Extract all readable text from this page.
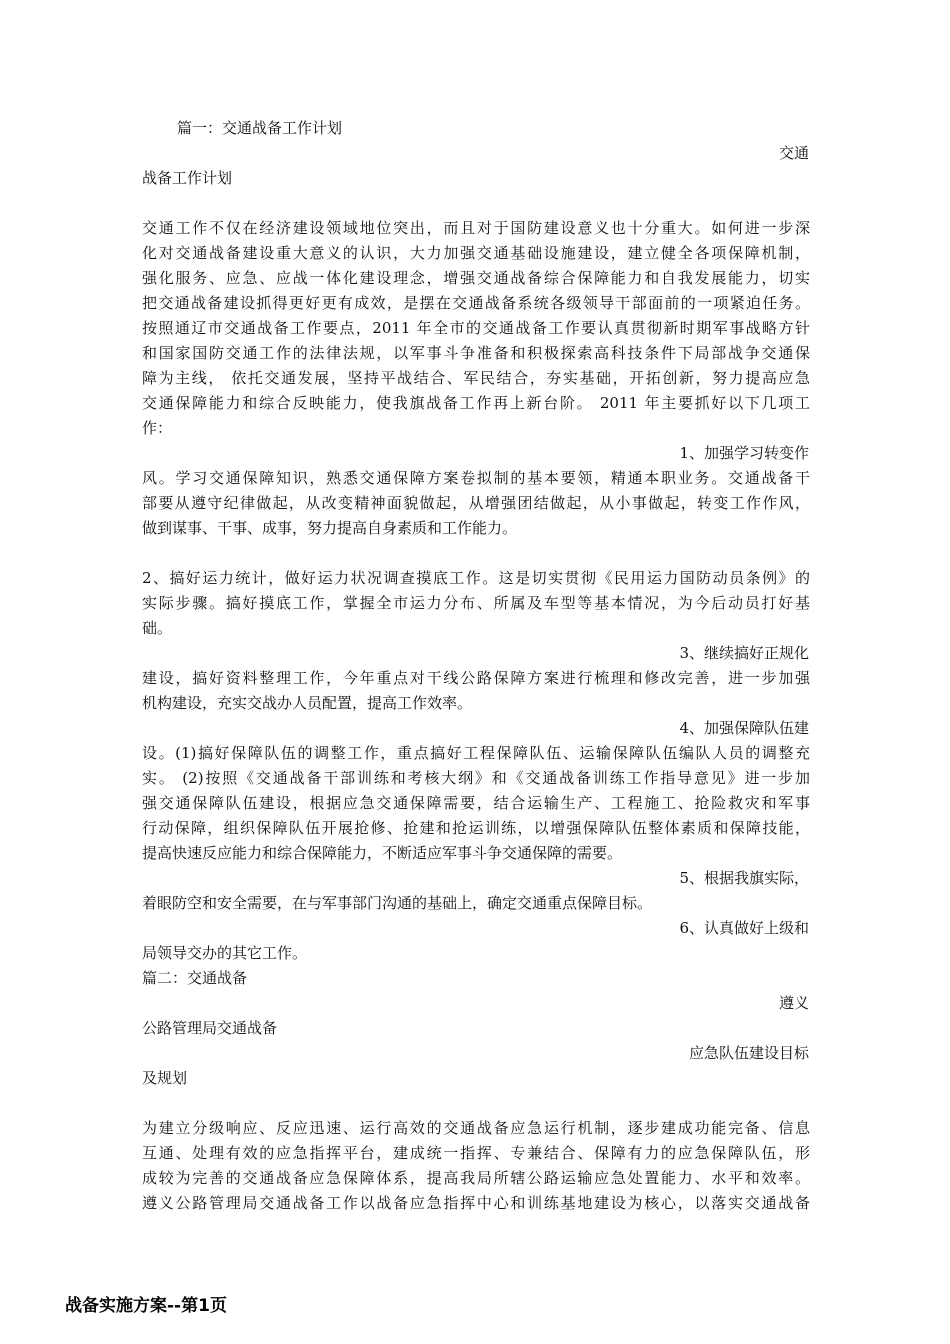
篇一：交通战备工作计划
交通
战备工作计划
交通工作不仅在经济建设领域地位突出，而且对于国防建设意义也十分重大。如何进一步深
化对交通战备建设重大意义的认识，大力加强交通基础设施建设，建立健全各项保障机制，
强化服务、应急、应战一体化建设理念，增强交通战备综合保障能力和自我发展能力，切实
把交通战备建设抓得更好更有成效，是摆在交通战备系统各级领导干部面前的一项紧迫任务。
按照通辽市交通战备工作要点，2011 年全市的交通战备工作要认真贯彻新时期军事战略方针
和国家国防交通工作的法律法规，以军事斗争准备和积极探索高科技条件下局部战争交通保
障为主线， 依托交通发展，坚持平战结合、军民结合，夯实基础，开拓创新，努力提高应急
交通保障能力和综合反映能力，使我旗战备工作再上新台阶。 2011 年主要抓好以下几项工
作：
1、加强学习转变作
风。学习交通保障知识，熟悉交通保障方案卷拟制的基本要领，精通本职业务。交通战备干
部要从遵守纪律做起，从改变精神面貌做起，从增强团结做起，从小事做起，转变工作作风，
做到谋事、干事、成事，努力提高自身素质和工作能力。
2、搞好运力统计，做好运力状况调查摸底工作。这是切实贯彻《民用运力国防动员条例》的
实际步骤。搞好摸底工作，掌握全市运力分布、所属及车型等基本情况，为今后动员打好基
础。
3、继续搞好正规化
建设，搞好资料整理工作，今年重点对干线公路保障方案进行梳理和修改完善，进一步加强
机构建设，充实交战办人员配置，提高工作效率。
4、加强保障队伍建
设。(1)搞好保障队伍的调整工作，重点搞好工程保障队伍、运输保障队伍编队人员的调整充
实。 (2)按照《交通战备干部训练和考核大纲》和《交通战备训练工作指导意见》进一步加
强交通保障队伍建设，根据应急交通保障需要，结合运输生产、工程施工、抢险救灾和军事
行动保障，组织保障队伍开展抢修、抢建和抢运训练，以增强保障队伍整体素质和保障技能，
提高快速反应能力和综合保障能力，不断适应军事斗争交通保障的需要。
5、根据我旗实际，
着眼防空和安全需要，在与军事部门沟通的基础上，确定交通重点保障目标。
6、认真做好上级和
局领导交办的其它工作。
篇二：交通战备
遵义
公路管理局交通战备
应急队伍建设目标
及规划
为建立分级响应、反应迅速、运行高效的交通战备应急运行机制，逐步建成功能完备、信息
互通、处理有效的应急指挥平台，建成统一指挥、专兼结合、保障有力的应急保障队伍，形
成较为完善的交通战备应急保障体系，提高我局所辖公路运输应急处置能力、水平和效率。
遵义公路管理局交通战备工作以战备应急指挥中心和训练基地建设为核心，以落实交通战备
战备实施方案--第1页
